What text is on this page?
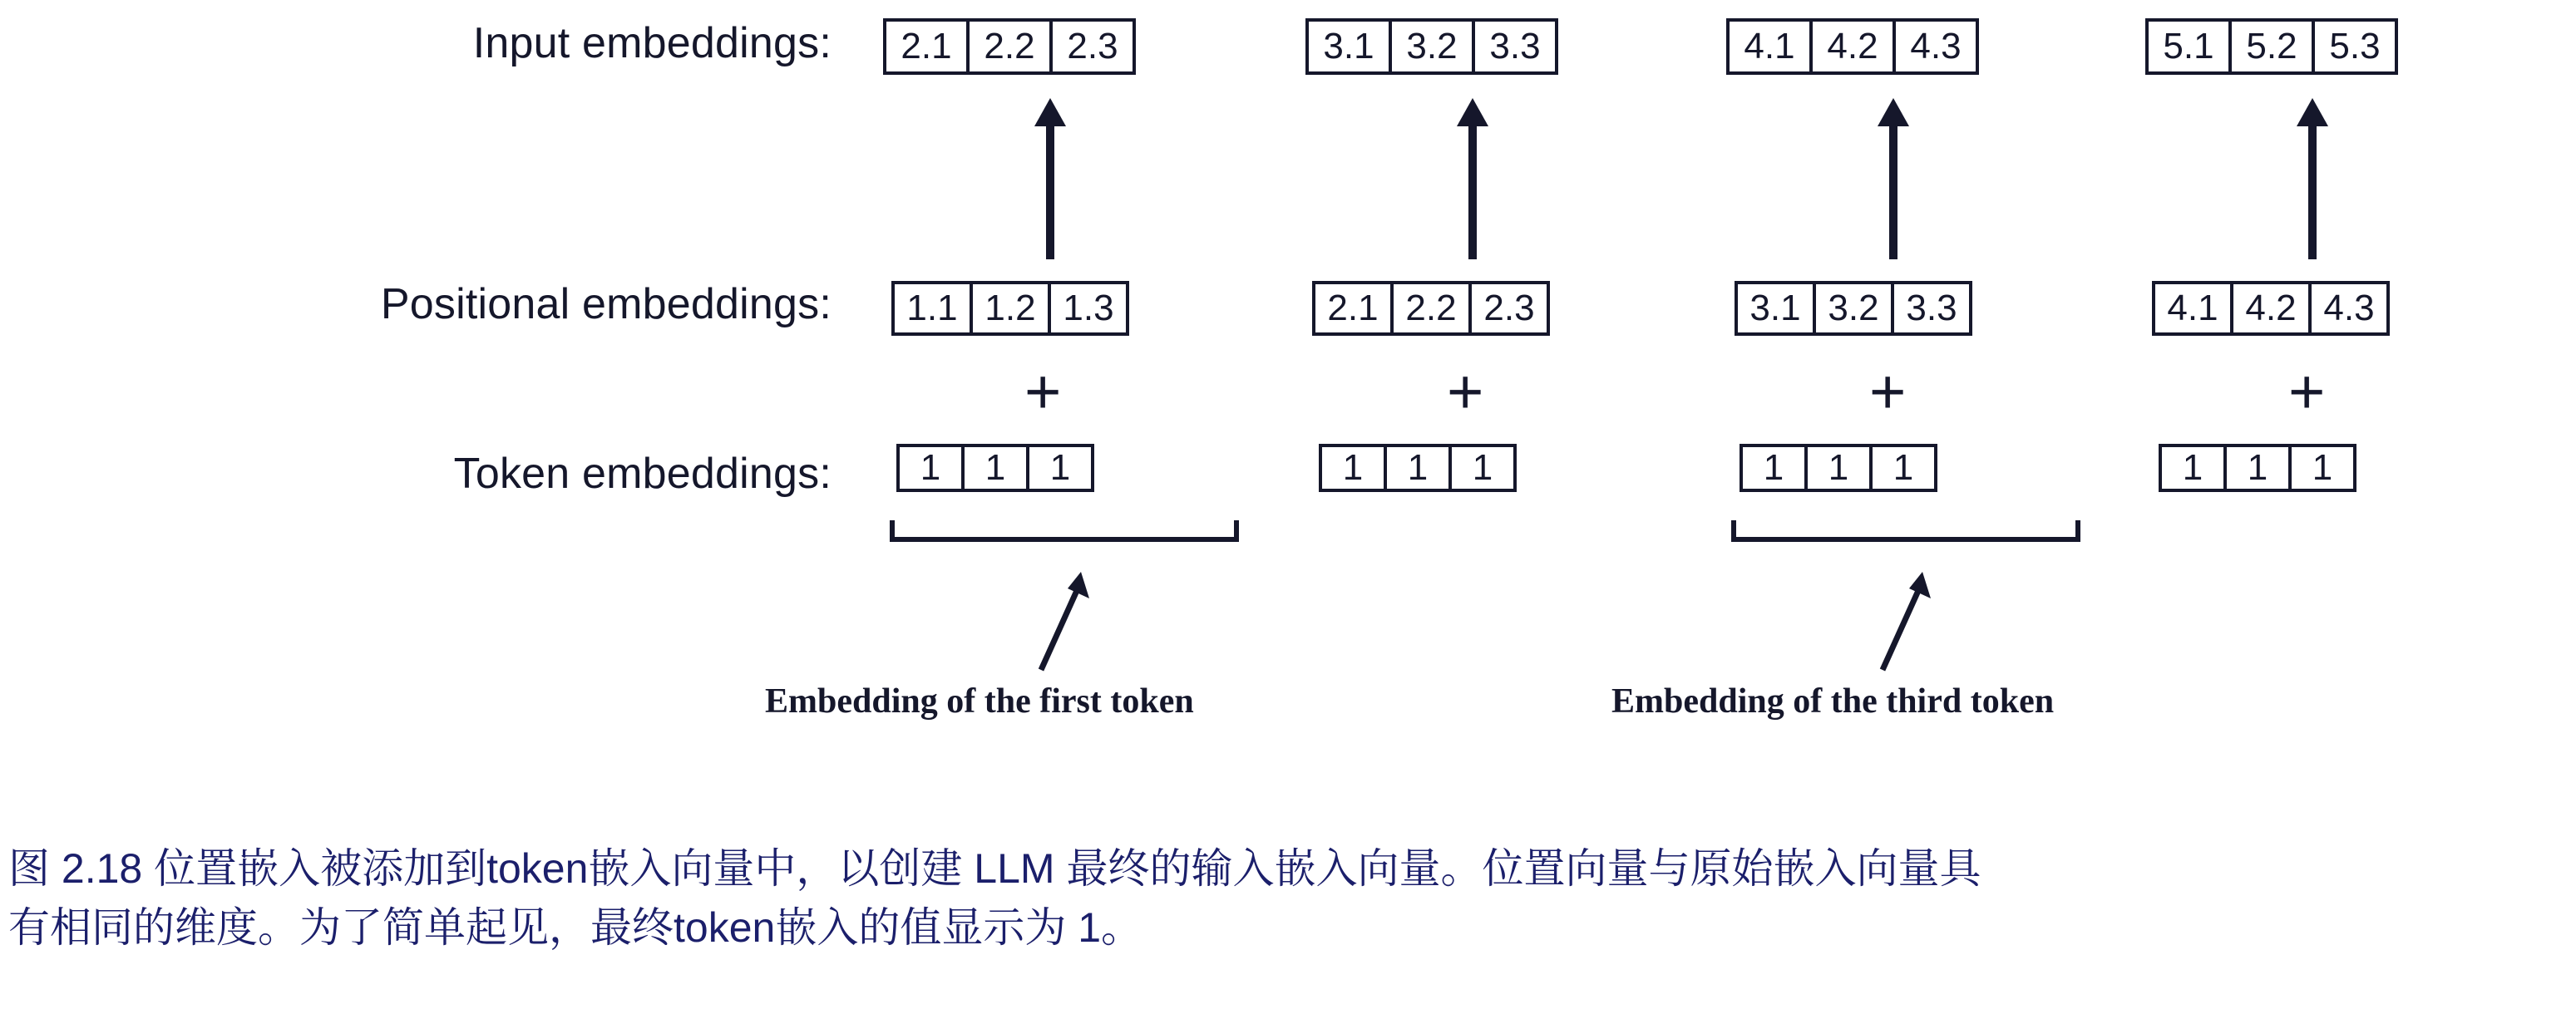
Input embeddings:
Positional embeddings:
Token embeddings:
2.1 2.2 2.3
1.1 1.2 1.3
+
1	1	1
Embedding of the first token
3.1 3.2 3.3
2.1 2.2 2.3
+
1	1	1
4.1 4.2 4.3
3.1 3.2 3.3
+
1	1	1
Embedding of the third token
5.1 5.2 5.3
4.1 4.2 4.3
+
1	1	1
图 2.18 位置嵌入被添加到token嵌入向量中，以创建 LLM 最终的输入嵌入向量。位置向量与原始嵌入向量具
有相同的维度。为了简单起见，最终token嵌入的值显示为 1。
